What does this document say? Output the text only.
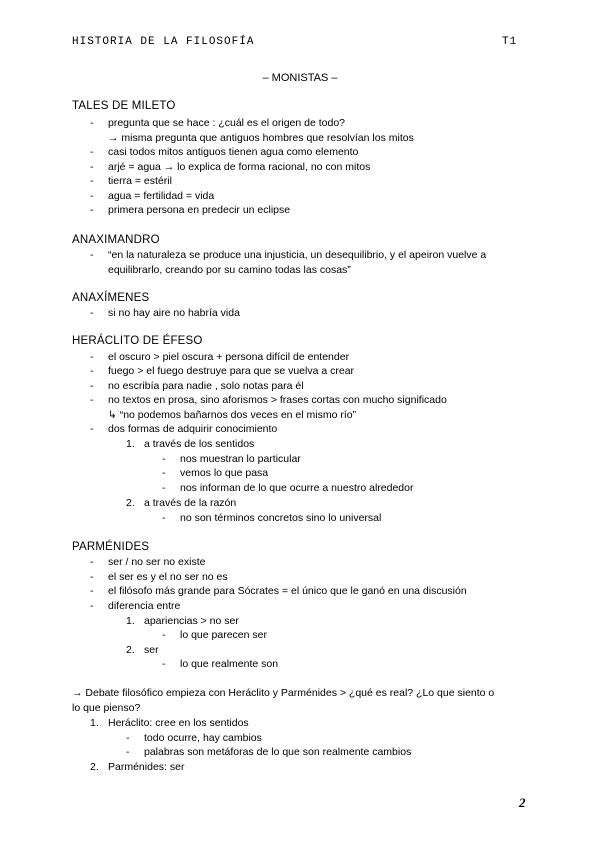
HISTORIA DE LA FILOSOFÍA	T1
– MONISTAS –
TALES DE MILETO
- pregunta que se hace : ¿cuál es el origen de todo?
→ misma pregunta que antiguos hombres que resolvían los mitos
- casi todos mitos antiguos tienen agua como elemento
- arjé = agua → lo explica de forma racional, no con mitos
- tierra = estéril
- agua = fertilidad = vida
- primera persona en predecir un eclipse
ANAXIMANDRO
- “en la naturaleza se produce una injusticia, un desequilibrio, y el apeiron vuelve a
equilibrarlo, creando por su camino todas las cosas”
ANAXÍMENES
- si no hay aire no habría vida
HERÁCLITO DE ÉFESO
- el oscuro > piel oscura + persona difícil de entender
- fuego > el fuego destruye para que se vuelva a crear
- no escribía para nadie , solo notas para él
- no textos en prosa, sino aforismos > frases cortas con mucho significado
↳ “no podemos bañarnos dos veces en el mismo río”
- dos formas de adquirir conocimiento
1. a través de los sentidos
- nos muestran lo particular
- vemos lo que pasa
- nos informan de lo que ocurre a nuestro alrededor
2. a través de la razón
- no son términos concretos sino lo universal
PARMÉNIDES
- ser / no ser no existe
- el ser es y el no ser no es
- el filósofo más grande para Sócrates = el único que le ganó en una discusión
- diferencia entre
1. apariencias > no ser
- lo que parecen ser
2. ser
- lo que realmente son
→ Debate filosófico empieza con Heráclito y Parménides > ¿qué es real? ¿Lo que siento o
lo que pienso?
1. Heráclito: cree en los sentidos
- todo ocurre, hay cambios
- palabras son metáforas de lo que son realmente cambios
2. Parménides: ser
2
